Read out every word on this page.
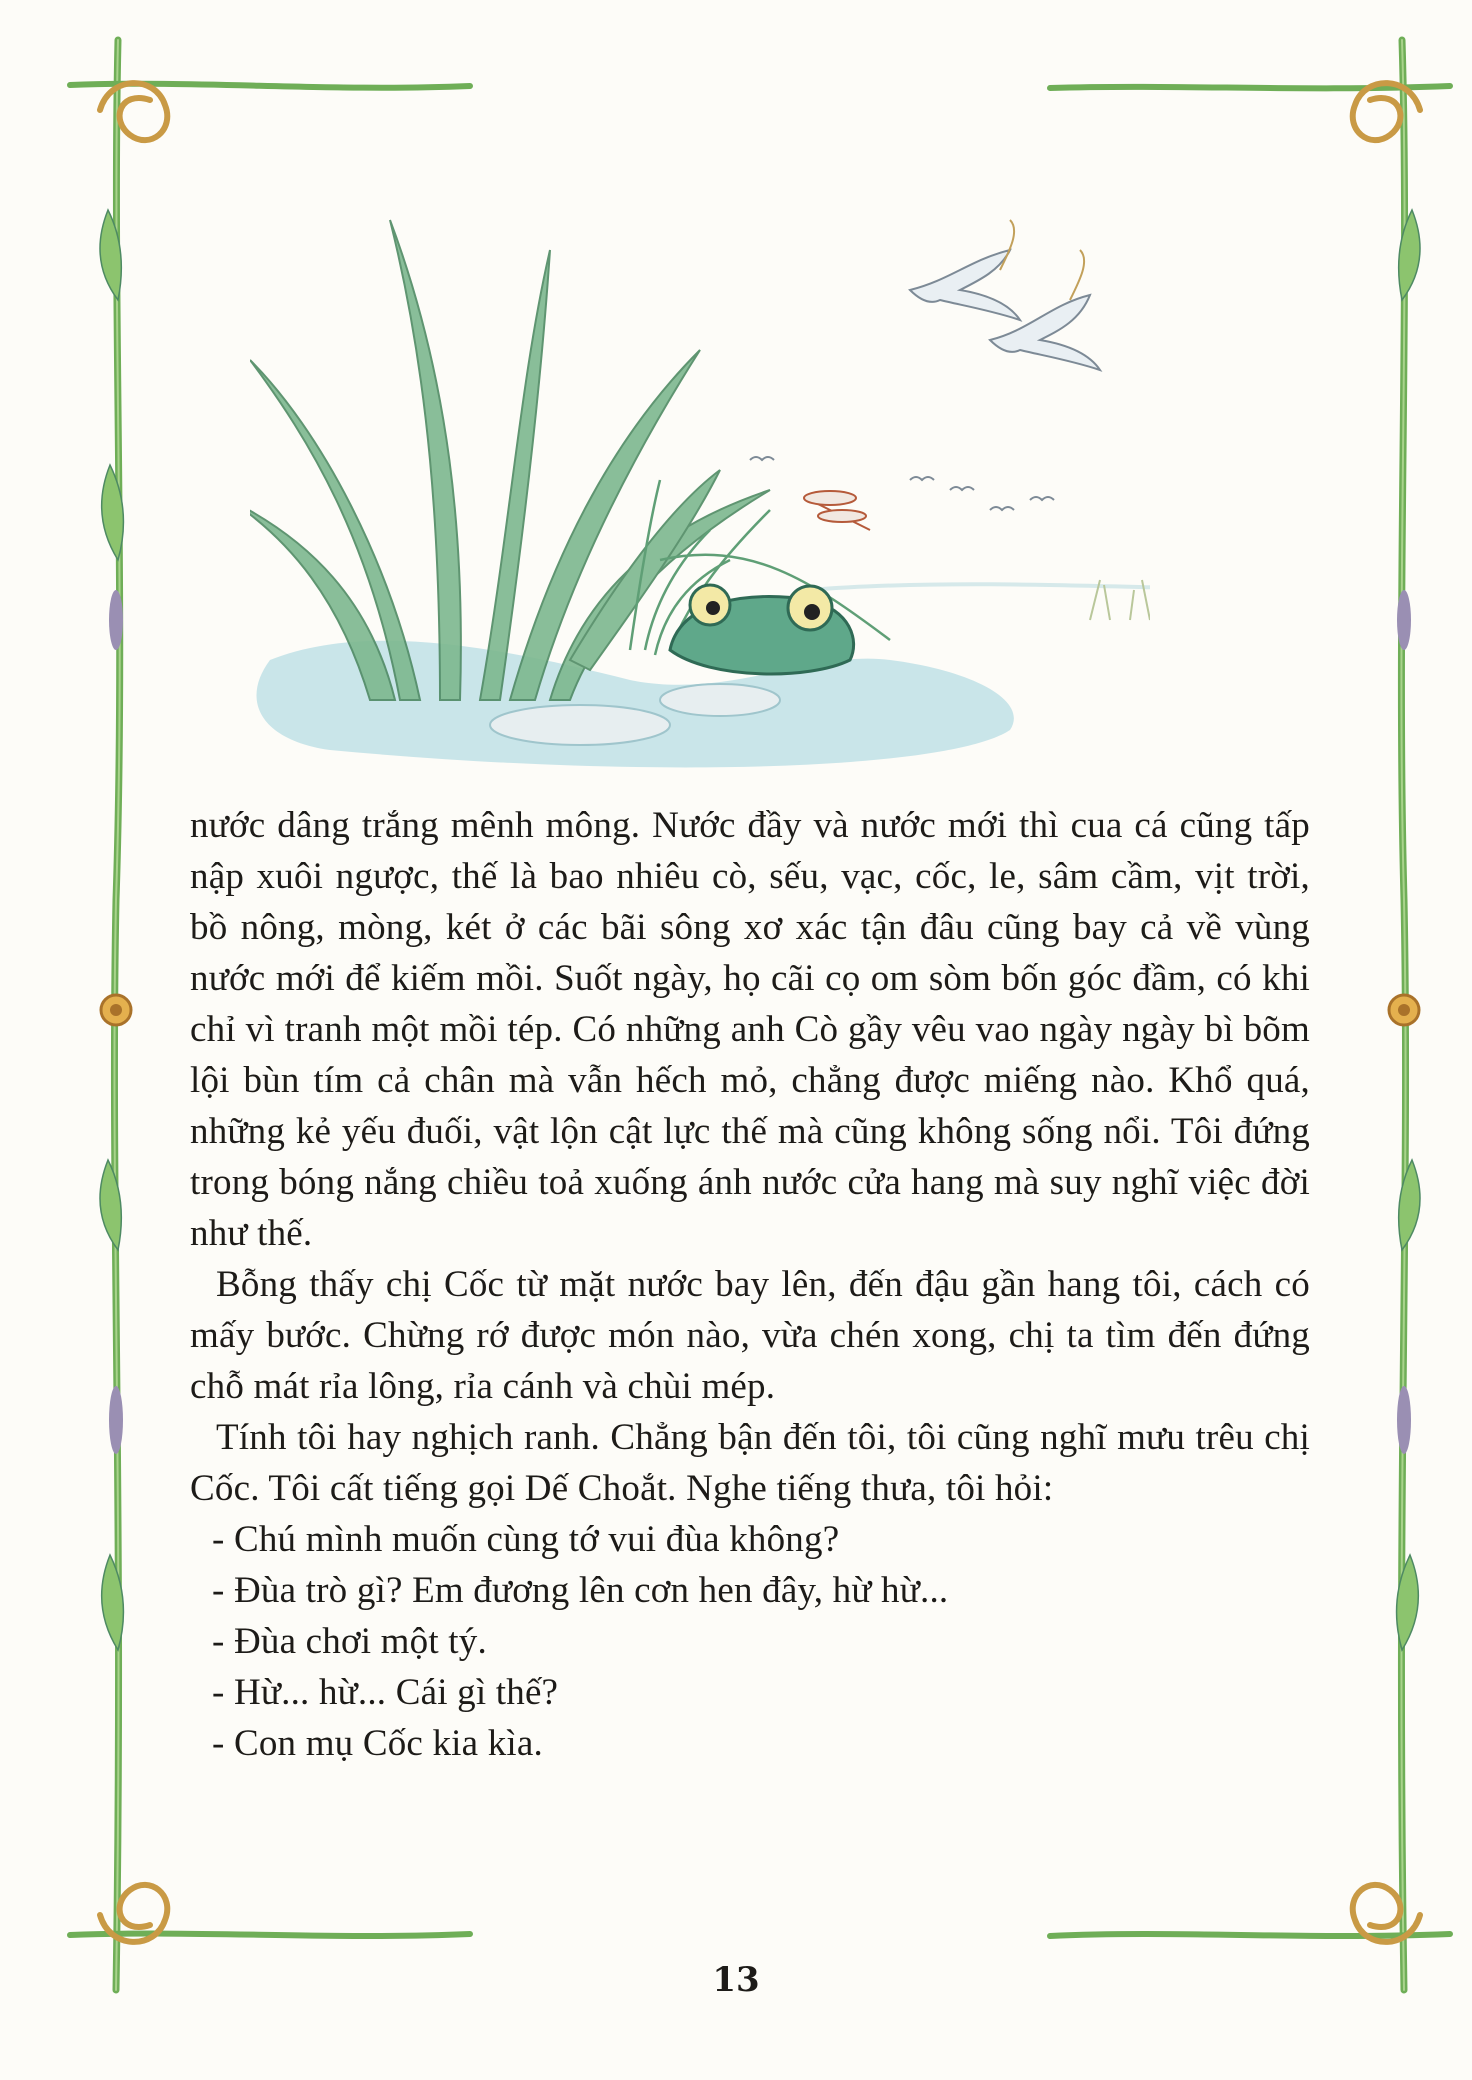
nước dâng trắng mênh mông. Nước đầy và nước mới thì cua cá cũng tấp nập xuôi ngược, thế là bao nhiêu cò, sếu, vạc, cốc, le, sâm cầm, vịt trời, bồ nông, mòng, két ở các bãi sông xơ xác tận đâu cũng bay cả về vùng nước mới để kiếm mồi. Suốt ngày, họ cãi cọ om sòm bốn góc đầm, có khi chỉ vì tranh một mồi tép. Có những anh Cò gầy vêu vao ngày ngày bì bõm lội bùn tím cả chân mà vẫn hếch mỏ, chẳng được miếng nào. Khổ quá, những kẻ yếu đuối, vật lộn cật lực thế mà cũng không sống nổi. Tôi đứng trong bóng nắng chiều toả xuống ánh nước cửa hang mà suy nghĩ việc đời như thế.

Bỗng thấy chị Cốc từ mặt nước bay lên, đến đậu gần hang tôi, cách có mấy bước. Chừng rớ được món nào, vừa chén xong, chị ta tìm đến đứng chỗ mát rỉa lông, rỉa cánh và chùi mép.

Tính tôi hay nghịch ranh. Chẳng bận đến tôi, tôi cũng nghĩ mưu trêu chị Cốc. Tôi cất tiếng gọi Dế Choắt. Nghe tiếng thưa, tôi hỏi:

- Chú mình muốn cùng tớ vui đùa không?

- Đùa trò gì? Em đương lên cơn hen đây, hừ hừ...

- Đùa chơi một tý.

- Hừ... hừ... Cái gì thế?

- Con mụ Cốc kia kìa.

13
